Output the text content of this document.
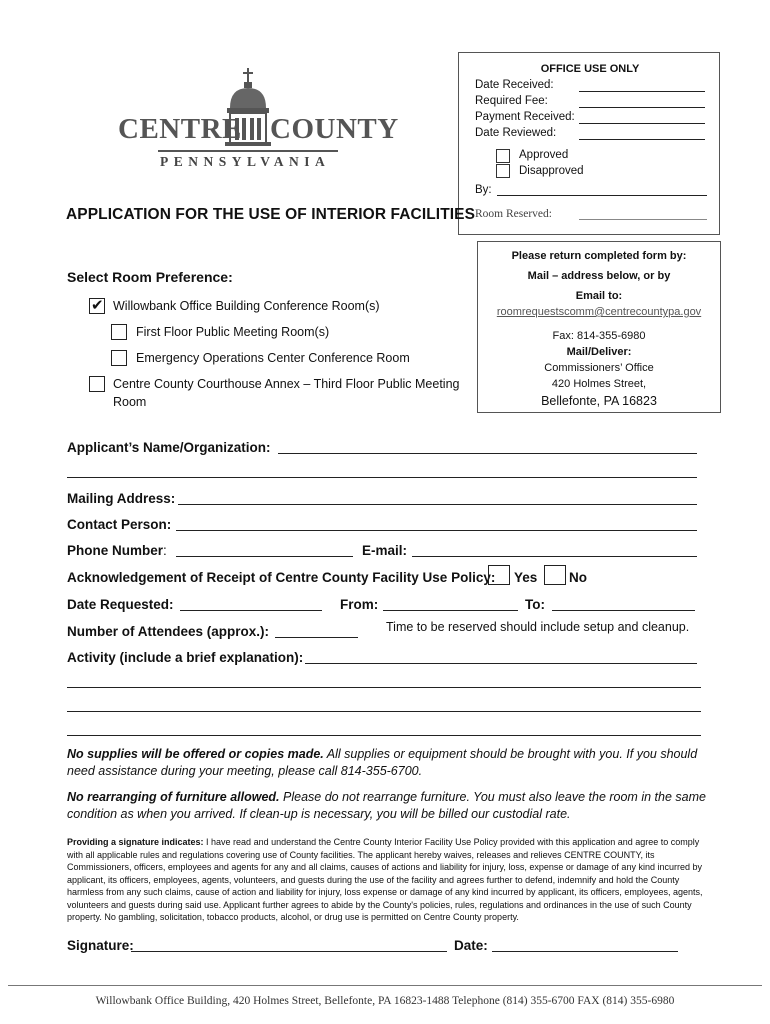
CENTRE COUNTY
PENNSYLVANIA
OFFICE USE ONLY
Date Received:
Required Fee:
Payment Received:
Date Reviewed:
Approved
Disapproved
By:
Room Reserved:
APPLICATION FOR THE USE OF INTERIOR FACILITIES
Please return completed form by:
Mail – address below, or by
Email to:
roomrequestscomm@centrecountypa.gov
Fax: 814-355-6980
Mail/Deliver:
Commissioners’ Office
420 Holmes Street,
Bellefonte, PA 16823
Select Room Preference:
✔ Willowbank Office Building Conference Room(s)
First Floor Public Meeting Room(s)
Emergency Operations Center Conference Room
Centre County Courthouse Annex – Third Floor Public Meeting
Room
Applicant’s Name/Organization:
Mailing Address:
Contact Person:
Phone Number:	E-mail:
Acknowledgement of Receipt of Centre County Facility Use Policy: Yes No
Date Requested:	From:	To:
Number of Attendees (approx.):	Time to be reserved should include setup and cleanup.
Activity (include a brief explanation):
No supplies will be offered or copies made. All supplies or equipment should be brought with you. If you should need assistance during your meeting, please call 814-355-6700.
No rearranging of furniture allowed. Please do not rearrange furniture. You must also leave the room in the same condition as when you arrived. If clean-up is necessary, you will be billed our custodial rate.
Providing a signature indicates: I have read and understand the Centre County Interior Facility Use Policy provided with this application and agree to comply with all applicable rules and regulations covering use of County facilities. The applicant hereby waives, releases and relieves CENTRE COUNTY, its Commissioners, officers, employees and agents for any and all claims, causes of actions and liability for injury, loss, expense or damage of any kind incurred by applicant, its officers, employees, agents, volunteers, and guests during the use of the facility and agrees further to defend, indemnify and hold the County harmless from any such claims, cause of action and liability for injury, loss expense or damage of any kind incurred by applicant, its officers, employees, agents, volunteers and guests during said use. Applicant further agrees to abide by the County's policies, rules, regulations and ordinances in the use of such County property. No gambling, solicitation, tobacco products, alcohol, or drug use is permitted on Centre County property.
Signature:	Date:
Willowbank Office Building, 420 Holmes Street, Bellefonte, PA 16823-1488 Telephone (814) 355-6700 FAX (814) 355-6980
